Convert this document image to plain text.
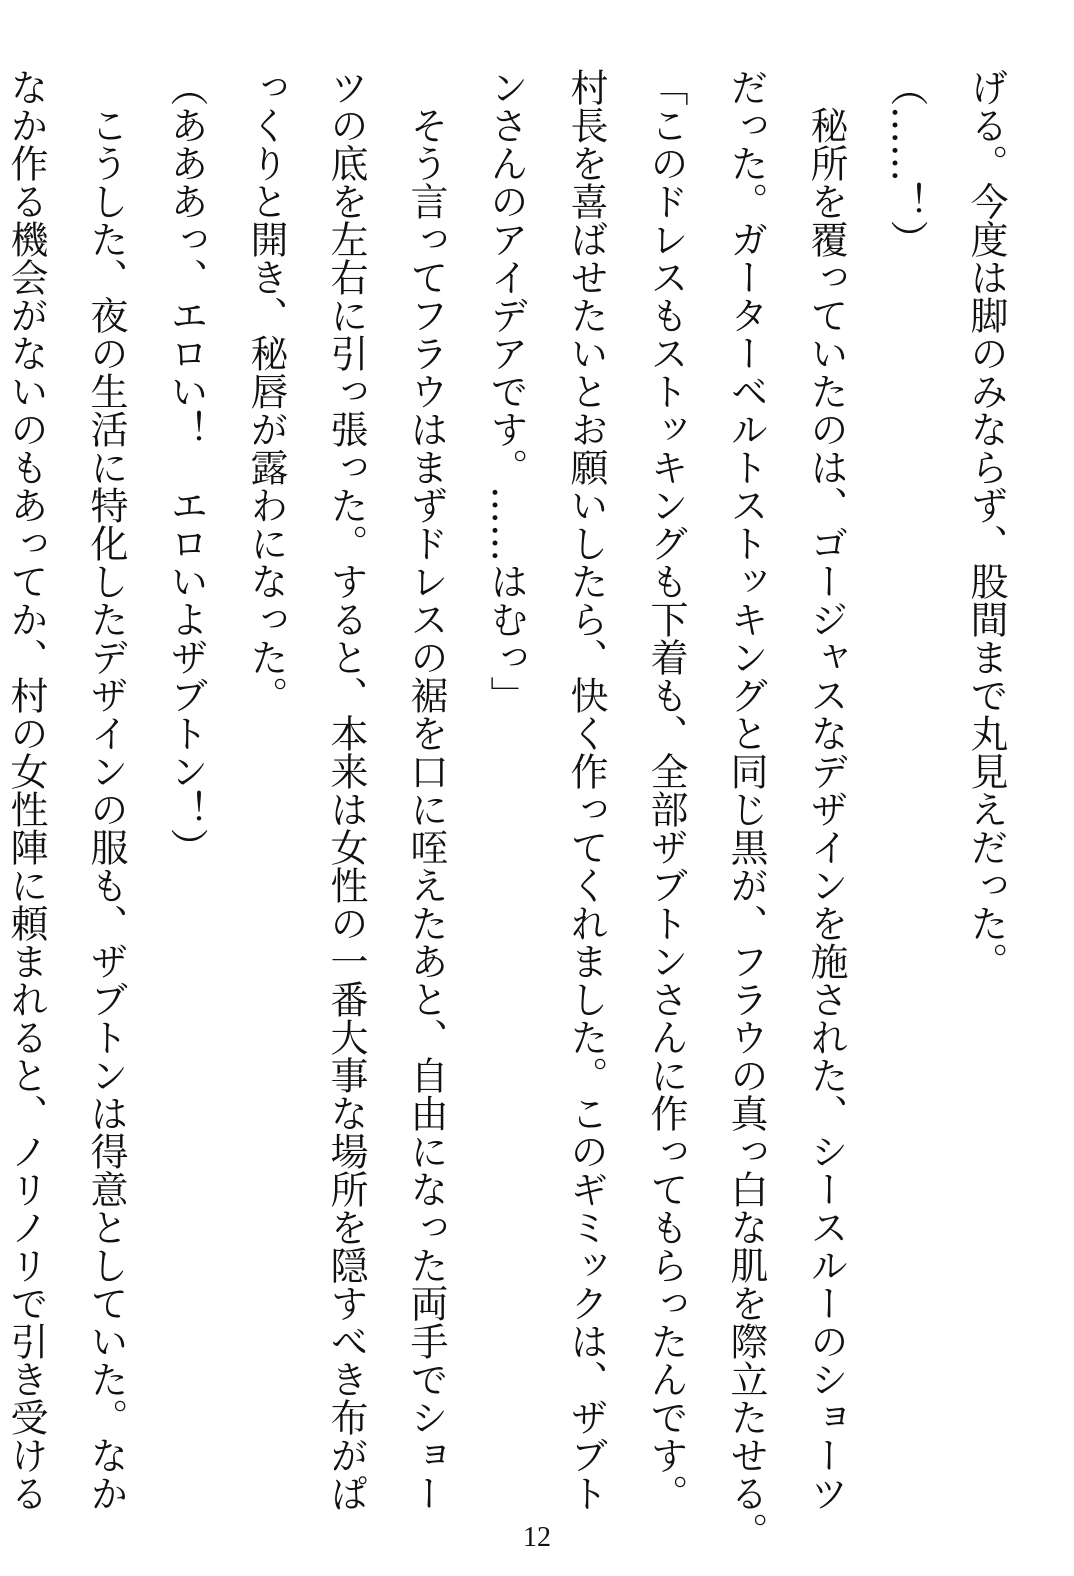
げる。今度は脚のみならず、股間まで丸見えだった。
（……！）
　秘所を覆っていたのは、ゴージャスなデザインを施された、シースルーのショーツ
だった。ガーターベルトストッキングと同じ黒が、フラウの真っ白な肌を際立たせる。
「このドレスもストッキングも下着も、全部ザブトンさんに作ってもらったんです。
村長を喜ばせたいとお願いしたら、快く作ってくれました。このギミックは、ザブト
ンさんのアイデアです。……はむっ」
　そう言ってフラウはまずドレスの裾を口に咥えたあと、自由になった両手でショー
ツの底を左右に引っ張った。すると、本来は女性の一番大事な場所を隠すべき布がぱ
っくりと開き、秘唇が露わになった。
（あああっ、エロい！　エロいよザブトン！）
　こうした、夜の生活に特化したデザインの服も、ザブトンは得意としていた。なか
なか作る機会がないのもあってか、村の女性陣に頼まれると、ノリノリで引き受ける
12
